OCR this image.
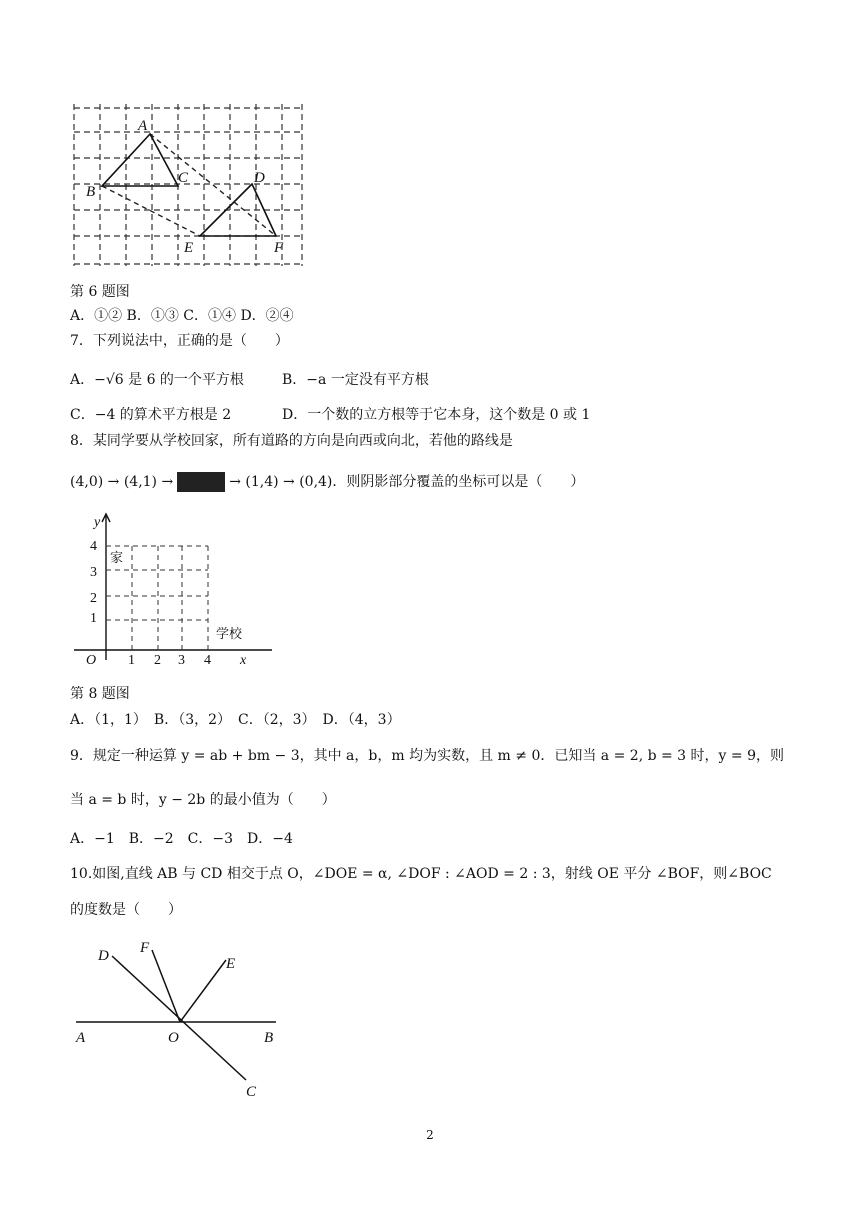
A
B
C	D
E	F
第 6 题图
A．①② B．①③ C．①④ D．②④
7．下列说法中，正确的是（　　）
A．−√6 是 6 的一个平方根	B．−a 一定没有平方根
C．−4 的算术平方根是 2	D．一个数的立方根等于它本身，这个数是 0 或 1
8．某同学要从学校回家，所有道路的方向是向西或向北，若他的路线是
(4,0) → (4,1) →	→ (1,4) → (0,4)．则阴影部分覆盖的坐标可以是（　　）
y
x
O
4
3
2
1
1 2 3 4
家
学校
第 8 题图
A．（1，1）　B．（3，2）　C．（2，3）　D．（4，3）
9．规定一种运算 y = ab + bm − 3，其中 a，b，m 均为实数，且 m ≠ 0．已知当 a = 2, b = 3 时，y = 9，则
当 a = b 时，y − 2b 的最小值为（　　）
A．−1　B．−2　C．−3　D．−4
10.如图,直线 AB 与 CD 相交于点 O，∠DOE = α, ∠DOF : ∠AOD = 2 : 3，射线 OE 平分 ∠BOF，则∠BOC
的度数是（　　）
D F
E
A	O	B
C
2
